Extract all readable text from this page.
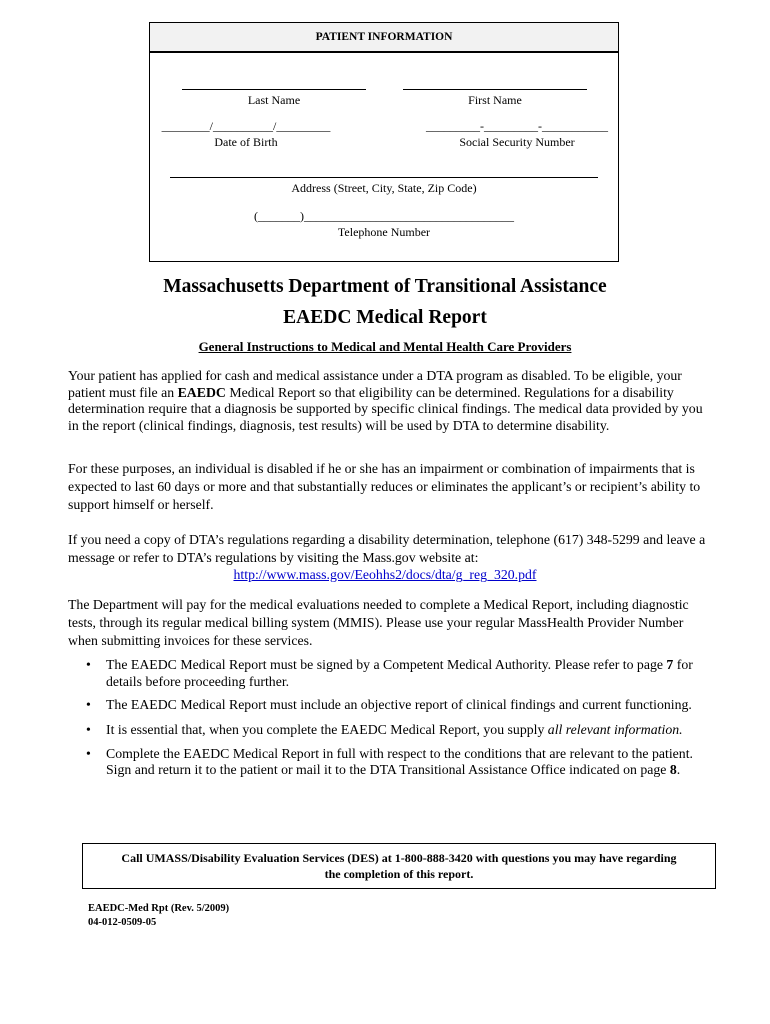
PATIENT INFORMATION
Last Name	First Name
________/__________/_________
Date of Birth
_________-_________-___________
Social Security Number
Address (Street, City, State, Zip Code)
(_______)___________________________________
Telephone Number
Massachusetts Department of Transitional Assistance
EAEDC Medical Report
General Instructions to Medical and Mental Health Care Providers
Your patient has applied for cash and medical assistance under a DTA program as disabled. To be eligible, your patient must file an EAEDC Medical Report so that eligibility can be determined. Regulations for a disability determination require that a diagnosis be supported by specific clinical findings. The medical data provided by you in the report (clinical findings, diagnosis, test results) will be used by DTA to determine disability.
For these purposes, an individual is disabled if he or she has an impairment or combination of impairments that is expected to last 60 days or more and that substantially reduces or eliminates the applicant’s or recipient’s ability to support himself or herself.
If you need a copy of DTA’s regulations regarding a disability determination, telephone (617) 348-5299 and leave a message or refer to DTA’s regulations by visiting the Mass.gov website at:
http://www.mass.gov/Eeohhs2/docs/dta/g_reg_320.pdf
The Department will pay for the medical evaluations needed to complete a Medical Report, including diagnostic tests, through its regular medical billing system (MMIS). Please use your regular MassHealth Provider Number when submitting invoices for these services.
• The EAEDC Medical Report must be signed by a Competent Medical Authority. Please refer to page 7 for details before proceeding further.
• The EAEDC Medical Report must include an objective report of clinical findings and current functioning.
• It is essential that, when you complete the EAEDC Medical Report, you supply all relevant information.
• Complete the EAEDC Medical Report in full with respect to the conditions that are relevant to the patient. Sign and return it to the patient or mail it to the DTA Transitional Assistance Office indicated on page 8.
Call UMASS/Disability Evaluation Services (DES) at 1-800-888-3420 with questions you may have regarding the completion of this report.
EAEDC-Med Rpt (Rev. 5/2009)
04-012-0509-05
